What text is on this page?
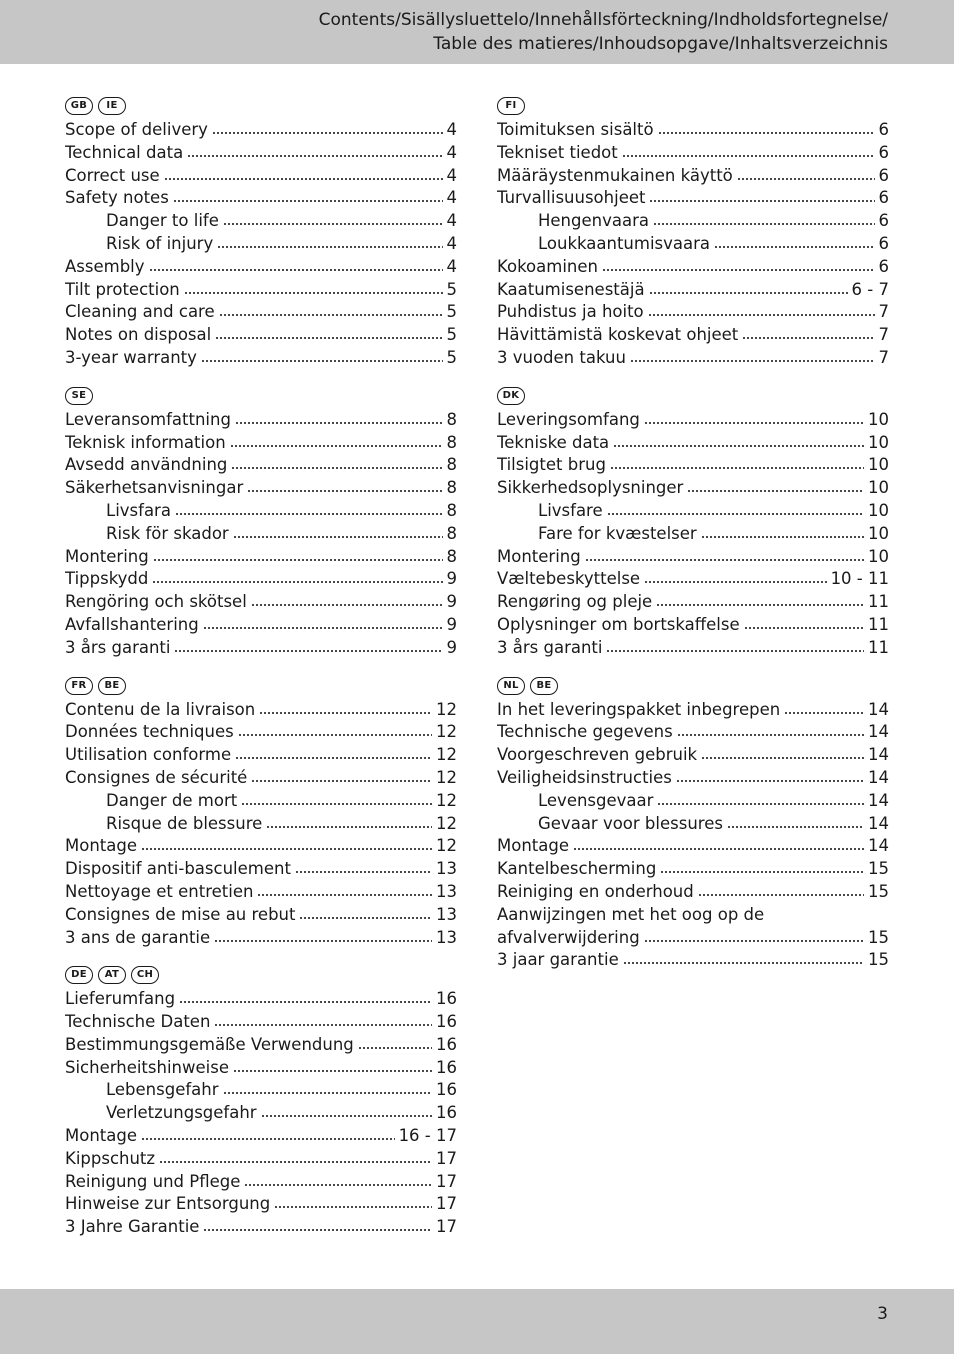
Contents/Sisällysluettelo/Innehållsförteckning/Indholdsfortegnelse/
Table des matieres/Inhoudsopgave/Inhaltsverzeichnis
GB	IE
Scope of delivery	4
Technical data	4
Correct use	4
Safety notes	4
Danger to life	4
Risk of injury	4
Assembly	4
Tilt protection	5
Cleaning and care	5
Notes on disposal	5
3-year warranty	5
SE
Leveransomfattning	8
Teknisk information	8
Avsedd användning	8
Säkerhetsanvisningar	8
Livsfara	8
Risk för skador	8
Montering	8
Tippskydd	9
Rengöring och skötsel	9
Avfallshantering	9
3 års garanti	9
FR	BE
Contenu de la livraison	12
Données techniques	12
Utilisation conforme	12
Consignes de sécurité	12
Danger de mort	12
Risque de blessure	12
Montage	12
Dispositif anti-basculement	13
Nettoyage et entretien	13
Consignes de mise au rebut	13
3 ans de garantie	13
DE	AT	CH
Lieferumfang	16
Technische Daten	16
Bestimmungsgemäße Verwendung	16
Sicherheitshinweise	16
Lebensgefahr	16
Verletzungsgefahr	16
Montage	16 - 17
Kippschutz	17
Reinigung und Pflege	17
Hinweise zur Entsorgung	17
3 Jahre Garantie	17
FI
Toimituksen sisältö	6
Tekniset tiedot	6
Määräystenmukainen käyttö	6
Turvallisuusohjeet	6
Hengenvaara	6
Loukkaantumisvaara	6
Kokoaminen	6
Kaatumisenestäjä	6 - 7
Puhdistus ja hoito	7
Hävittämistä koskevat ohjeet	7
3 vuoden takuu	7
DK
Leveringsomfang	10
Tekniske data	10
Tilsigtet brug	10
Sikkerhedsoplysninger	10
Livsfare	10
Fare for kvæstelser	10
Montering	10
Væltebeskyttelse	10 - 11
Rengøring og pleje	11
Oplysninger om bortskaffelse	11
3 års garanti	11
NL	BE
In het leveringspakket inbegrepen	14
Technische gegevens	14
Voorgeschreven gebruik	14
Veiligheidsinstructies	14
Levensgevaar	14
Gevaar voor blessures	14
Montage	14
Kantelbescherming	15
Reiniging en onderhoud	15
Aanwijzingen met het oog op de
afvalverwijdering	15
3 jaar garantie	15
3
